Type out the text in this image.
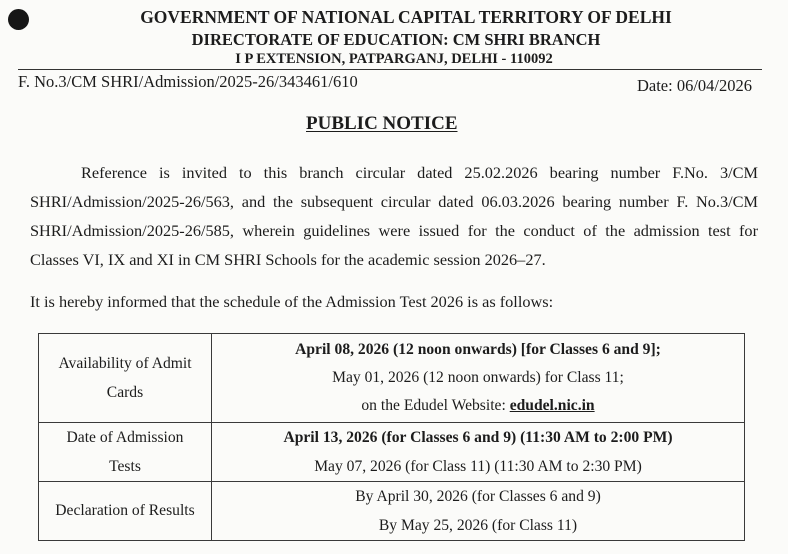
GOVERNMENT OF NATIONAL CAPITAL TERRITORY OF DELHI
DIRECTORATE OF EDUCATION: CM SHRI BRANCH
I P EXTENSION, PATPARGANJ, DELHI - 110092
F. No.3/CM SHRI/Admission/2025-26/343461/610	Date: 06/04/2026
PUBLIC NOTICE
Reference is invited to this branch circular dated 25.02.2026 bearing number F.No. 3/CM SHRI/Admission/2025-26/563, and the subsequent circular dated 06.03.2026 bearing number F. No.3/CM SHRI/Admission/2025-26/585, wherein guidelines were issued for the conduct of the admission test for Classes VI, IX and XI in CM SHRI Schools for the academic session 2026–27.
It is hereby informed that the schedule of the Admission Test 2026 is as follows:
Availability of Admit
Cards	April 08, 2026 (12 noon onwards) [for Classes 6 and 9];
May 01, 2026 (12 noon onwards) for Class 11;
on the Edudel Website: edudel.nic.in

Date of Admission
Tests	April 13, 2026 (for Classes 6 and 9) (11:30 AM to 2:00 PM)
May 07, 2026 (for Class 11) (11:30 AM to 2:30 PM)

Declaration of Results	By April 30, 2026 (for Classes 6 and 9)
By May 25, 2026 (for Class 11)
